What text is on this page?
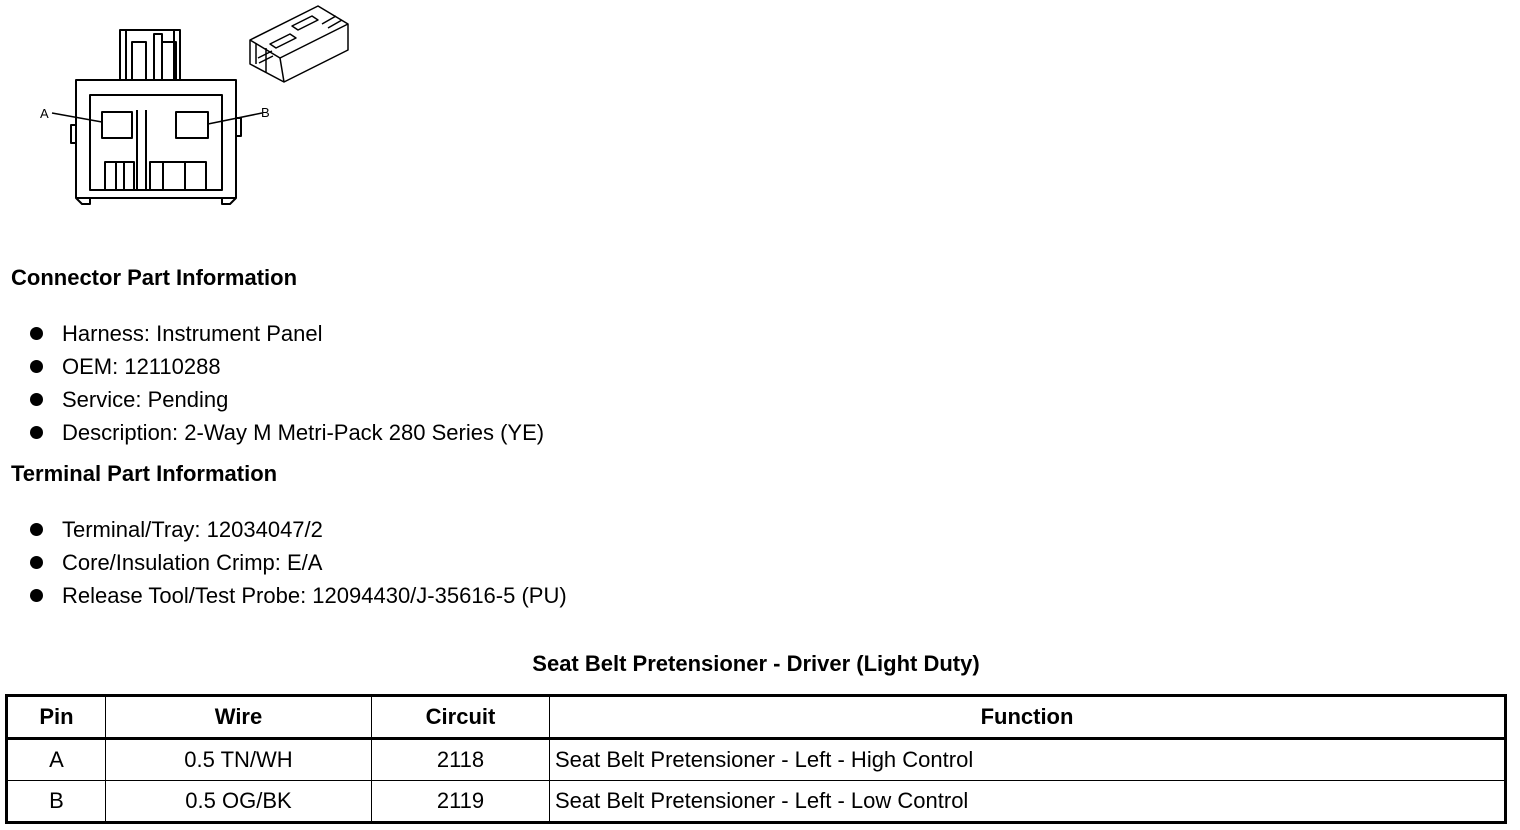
A	B
Connector Part Information
Harness: Instrument Panel
OEM: 12110288
Service: Pending
Description: 2-Way M Metri-Pack 280 Series (YE)
Terminal Part Information
Terminal/Tray: 12034047/2
Core/Insulation Crimp: E/A
Release Tool/Test Probe: 12094430/J-35616-5 (PU)
Seat Belt Pretensioner - Driver (Light Duty)
Pin	Wire	Circuit	Function
A	0.5 TN/WH	2118	Seat Belt Pretensioner - Left - High Control
B	0.5 OG/BK	2119	Seat Belt Pretensioner - Left - Low Control
